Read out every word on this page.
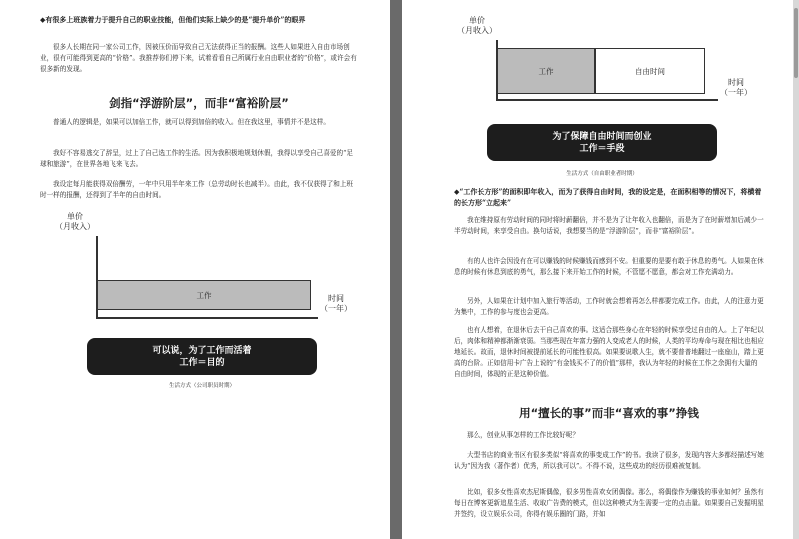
◆有很多上班族着力于提升自己的职业技能，但他们实际上缺少的是“提升单价”的眼界

很多人长期在同一家公司工作，因被压价而导致自己无法获得正当的报酬。这些人如果进入自由市场创业，很有可能得到更高的“价格”。我推荐你们停下来，试着看看自己所属行业自由职业者的“价格”，或许会有很多新的发现。

剑指“浮游阶层”，而非“富裕阶层”

普通人的逻辑是，如果可以加倍工作，就可以得到加倍的收入。但在我这里，事情并不是这样。

我好不容易逃交了辞呈，过上了自己选工作的生活。因为我积极地规划休假，我得以享受自己喜爱的“足球和旅游”，在世界各地飞来飞去。

我设定每月能获得双倍酬劳，一年中只用半年来工作（总劳动时长也减半）。由此，我不仅获得了和上班时一样的报酬，还得到了半年的自由时间。

单价
（月收入）
时间
（一年）
工作
可以说，为了工作而活着
工作＝目的
生活方式（公司职员时期）
单价
（月收入）
时间
（一年）
工作	自由时间
为了保障自由时间而创业
工作＝手段
生活方式（自由职业者时期）
◆“工作长方形”的面积即年收入，而为了获得自由时间，我的设定是，在面积相等的情况下，将横着的长方形“立起来”

我在维持原有劳动时间的同时将时薪翻倍，并不是为了让年收入也翻倍，而是为了在时薪增加后减少一半劳动时间，来享受自由。换句话说，我想要当的是“浮游阶层”，而非“富裕阶层”。

有的人也许会因没有在可以赚钱的时候赚钱而感到不安。但重要的是要有敢于休息的勇气。人如果在休息的时候有休息到底的勇气，那么接下来开始工作的时候，不管愿不愿意，都会对工作充满动力。

另外，人如果在计划中加入旅行等活动，工作时就会想着再怎么样都要完成工作。由此，人的注意力更为集中，工作的参与度也会更高。

也有人想着，在退休后去干自己喜欢的事。这适合那些身心在年轻的时候享受过自由的人。上了年纪以后，肉体和精神都渐渐衰弱。当那些现在年富力强的人变成老人的时候，人类的平均寿命与现在相比也相应地延长。故而，退休时间被提前延长的可能性很高。如果要说歌人生，就不要普普地翻过一座座山，踏上更高的台阶。正如信用卡广告上说的“有金钱买不了的价值”那样，我认为年轻的时候在工作之余拥有大量的自由时间，体现的正是这种价值。

用“擅长的事”而非“喜欢的事”挣钱

那么，创业从事怎样的工作比较好呢？

大型书店的商业书区有很多类似“将喜欢的事变成工作”的书。我读了很多，发现内容大多都经描述写她认为“因为我（著作者）优秀，所以我可以”。不得不说，这些成功的经历很难被复制。

比如，很多女性喜欢杰尼斯偶像，很多男性喜欢女团偶像。那么，将偶像作为赚钱的事业如何？虽然有每日在博客更新追星生活、收取广告费的模式，但以这种模式为生需要一定的点击量。如果要自己发掘明星并签约，设立娱乐公司，你得有娱乐圈的门路，并如
